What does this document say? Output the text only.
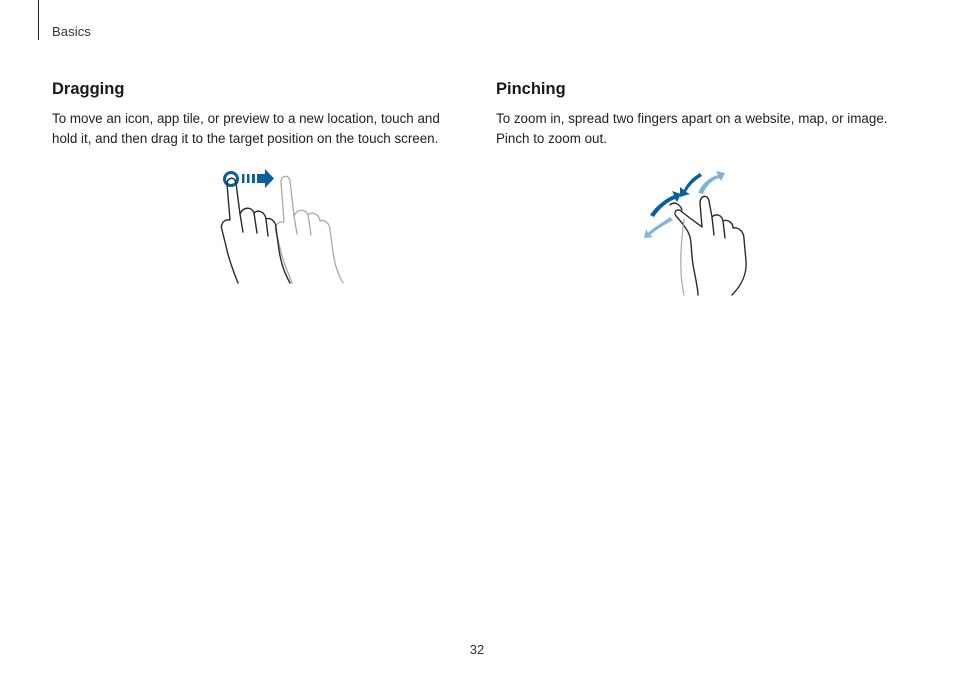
Basics
Dragging

To move an icon, app tile, or preview to a new location, touch and hold it, and then drag it to the target position on the touch screen.

Pinching

To zoom in, spread two fingers apart on a website, map, or image. Pinch to zoom out.

32
